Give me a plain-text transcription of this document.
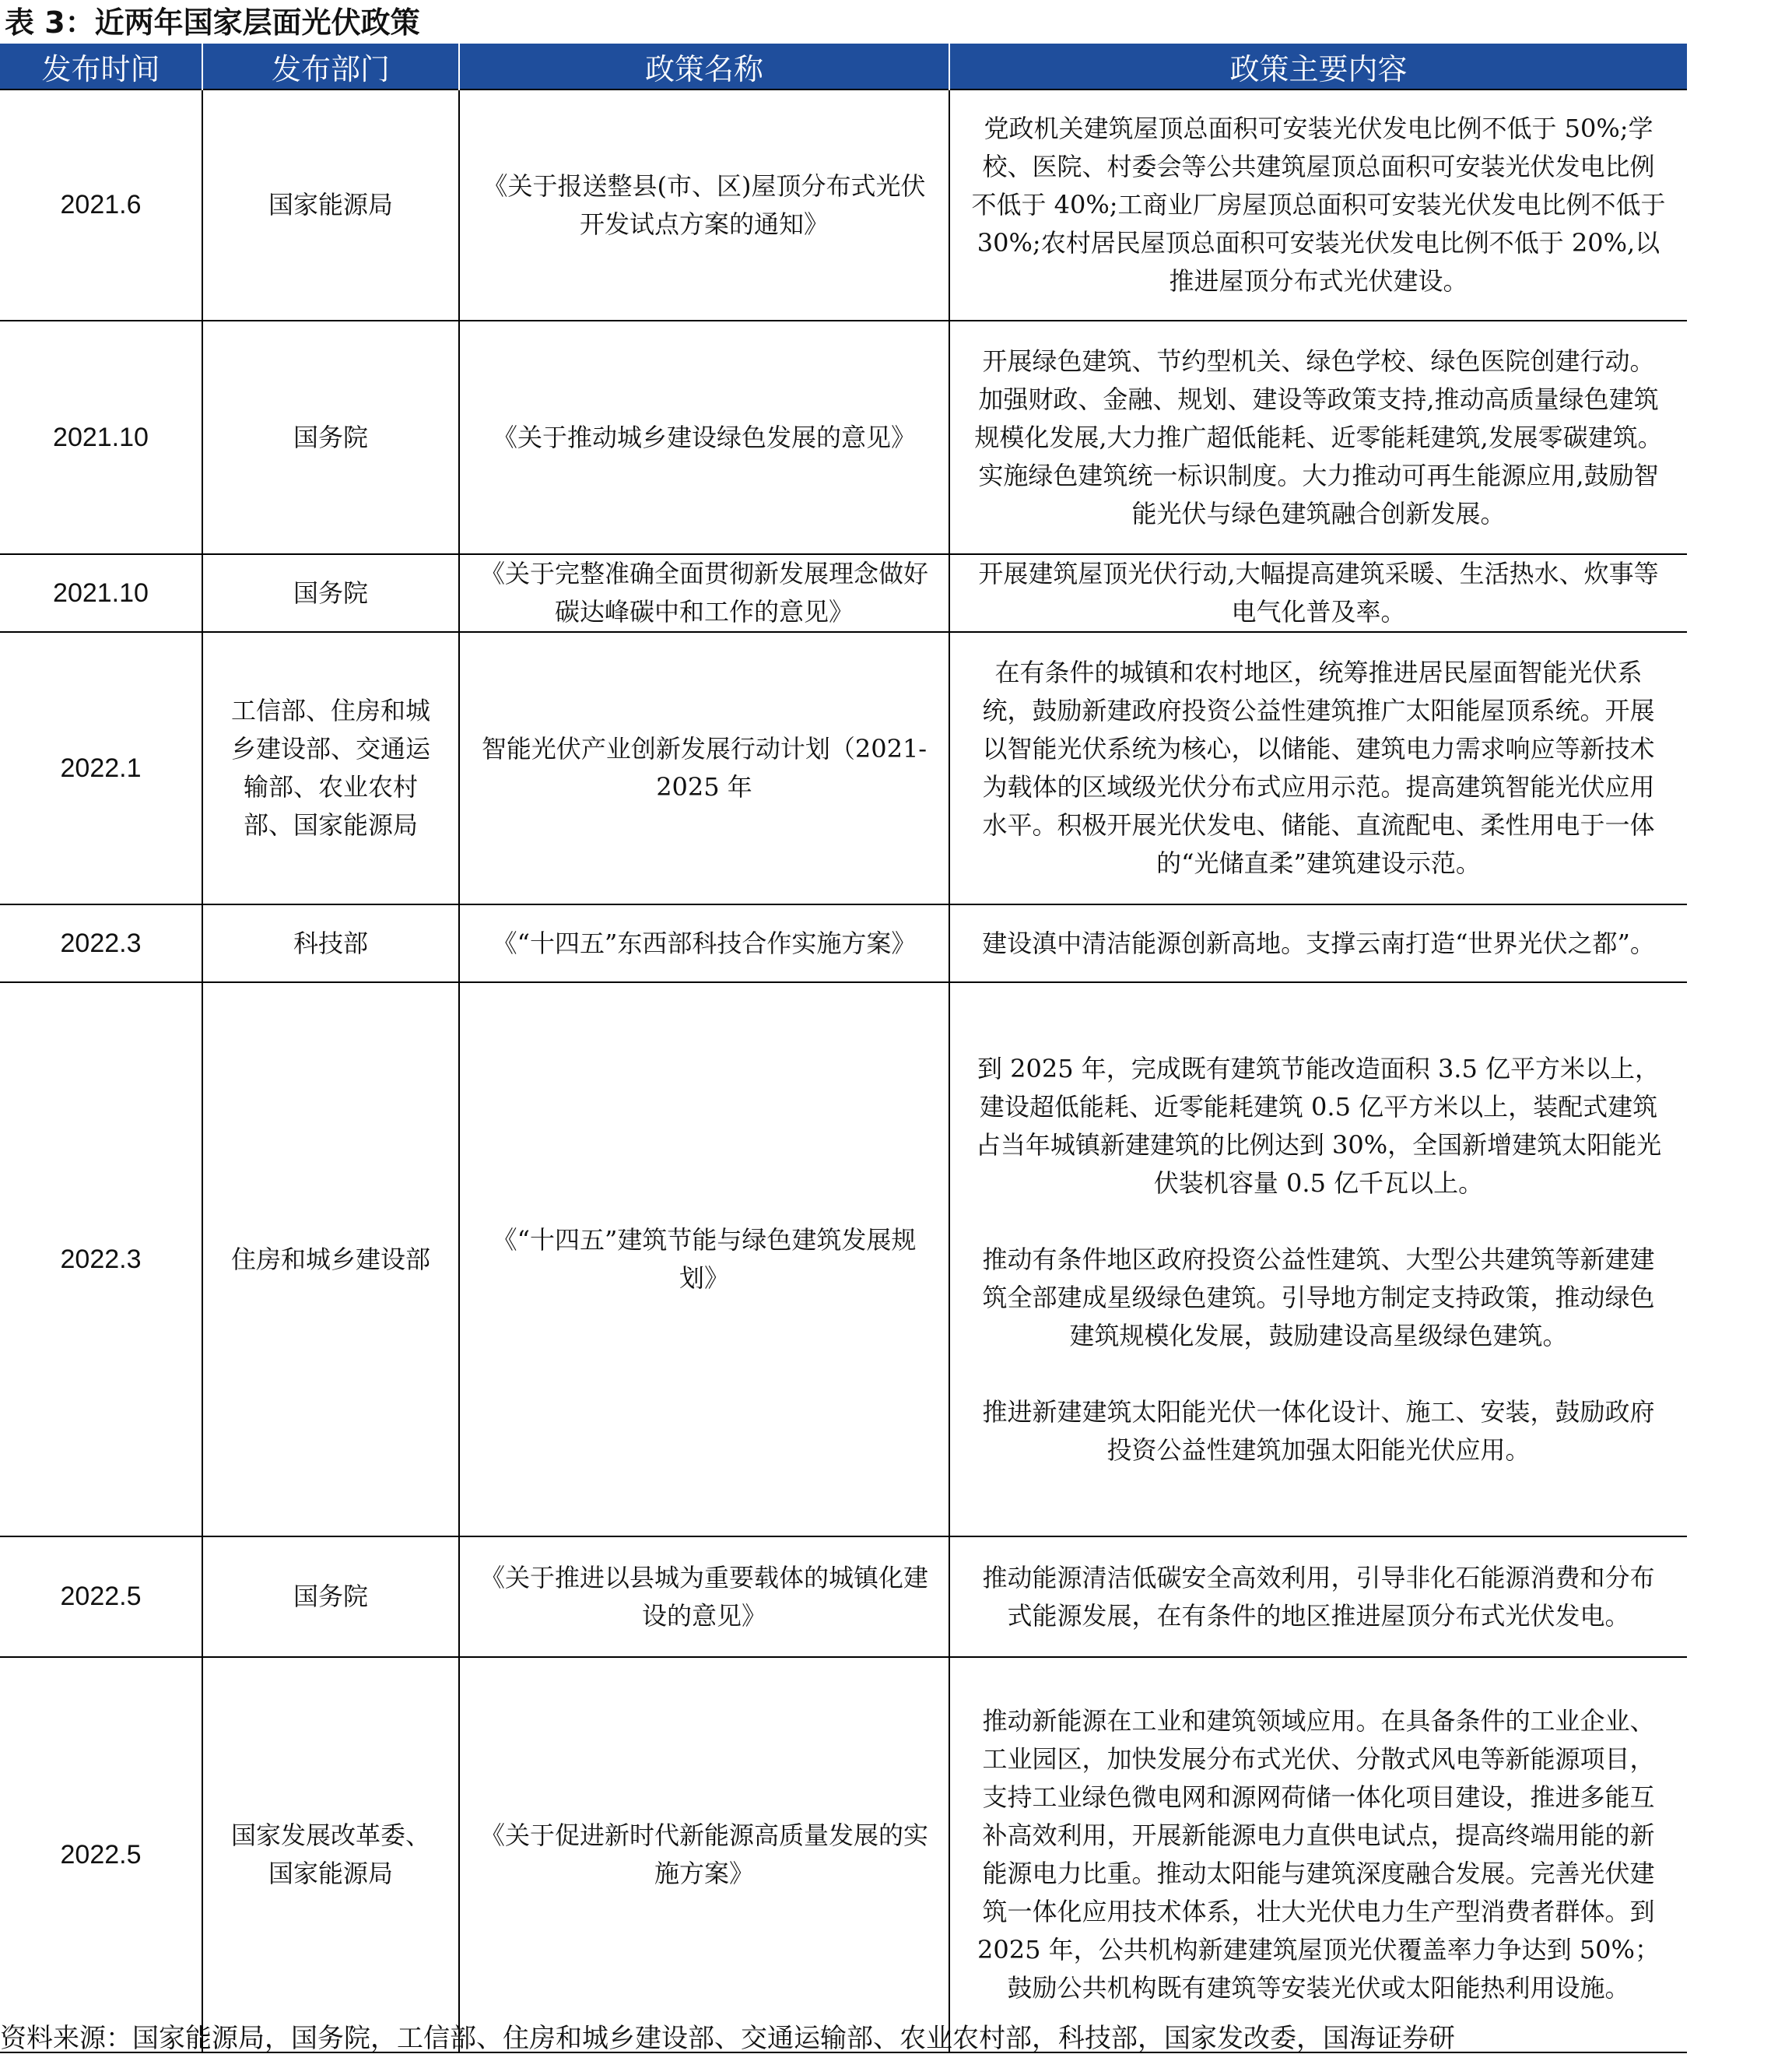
表 3：近两年国家层面光伏政策
发布时间	发布部门	政策名称	政策主要内容
2021.6	国家能源局	《关于报送整县(市、区)屋顶分布式光伏开发试点方案的通知》	党政机关建筑屋顶总面积可安装光伏发电比例不低于 50%;学校、医院、村委会等公共建筑屋顶总面积可安装光伏发电比例不低于 40%;工商业厂房屋顶总面积可安装光伏发电比例不低于 30%;农村居民屋顶总面积可安装光伏发电比例不低于 20%,以推进屋顶分布式光伏建设。

2021.10	国务院	《关于推动城乡建设绿色发展的意见》	开展绿色建筑、节约型机关、绿色学校、绿色医院创建行动。加强财政、金融、规划、建设等政策支持,推动高质量绿色建筑规模化发展,大力推广超低能耗、近零能耗建筑,发展零碳建筑。实施绿色建筑统一标识制度。大力推动可再生能源应用,鼓励智能光伏与绿色建筑融合创新发展。

2021.10	国务院	《关于完整准确全面贯彻新发展理念做好碳达峰碳中和工作的意见》	开展建筑屋顶光伏行动,大幅提高建筑采暖、生活热水、炊事等电气化普及率。

2022.1	工信部、住房和城乡建设部、交通运输部、农业农村部、国家能源局	智能光伏产业创新发展行动计划（2021-2025 年	在有条件的城镇和农村地区，统筹推进居民屋面智能光伏系统，鼓励新建政府投资公益性建筑推广太阳能屋顶系统。开展以智能光伏系统为核心，以储能、建筑电力需求响应等新技术为载体的区域级光伏分布式应用示范。提高建筑智能光伏应用水平。积极开展光伏发电、储能、直流配电、柔性用电于一体的“光储直柔”建筑建设示范。

2022.3	科技部	《“十四五”东西部科技合作实施方案》	建设滇中清洁能源创新高地。支撑云南打造“世界光伏之都”。

2022.3	住房和城乡建设部	《“十四五”建筑节能与绿色建筑发展规划》	到 2025 年，完成既有建筑节能改造面积 3.5 亿平方米以上，建设超低能耗、近零能耗建筑 0.5 亿平方米以上，装配式建筑占当年城镇新建建筑的比例达到 30%，全国新增建筑太阳能光伏装机容量 0.5 亿千瓦以上。
推动有条件地区政府投资公益性建筑、大型公共建筑等新建建筑全部建成星级绿色建筑。引导地方制定支持政策，推动绿色建筑规模化发展，鼓励建设高星级绿色建筑。
推进新建建筑太阳能光伏一体化设计、施工、安装，鼓励政府投资公益性建筑加强太阳能光伏应用。

2022.5	国务院	《关于推进以县城为重要载体的城镇化建设的意见》	推动能源清洁低碳安全高效利用，引导非化石能源消费和分布式能源发展，在有条件的地区推进屋顶分布式光伏发电。

2022.5	国家发展改革委、国家能源局	《关于促进新时代新能源高质量发展的实施方案》	推动新能源在工业和建筑领域应用。在具备条件的工业企业、工业园区，加快发展分布式光伏、分散式风电等新能源项目，支持工业绿色微电网和源网荷储一体化项目建设，推进多能互补高效利用，开展新能源电力直供电试点，提高终端用能的新能源电力比重。推动太阳能与建筑深度融合发展。完善光伏建筑一体化应用技术体系，壮大光伏电力生产型消费者群体。到 2025 年，公共机构新建建筑屋顶光伏覆盖率力争达到 50%；鼓励公共机构既有建筑等安装光伏或太阳能热利用设施。
资料来源：国家能源局，国务院，工信部、住房和城乡建设部、交通运输部、农业农村部，科技部，国家发改委，国海证券研
